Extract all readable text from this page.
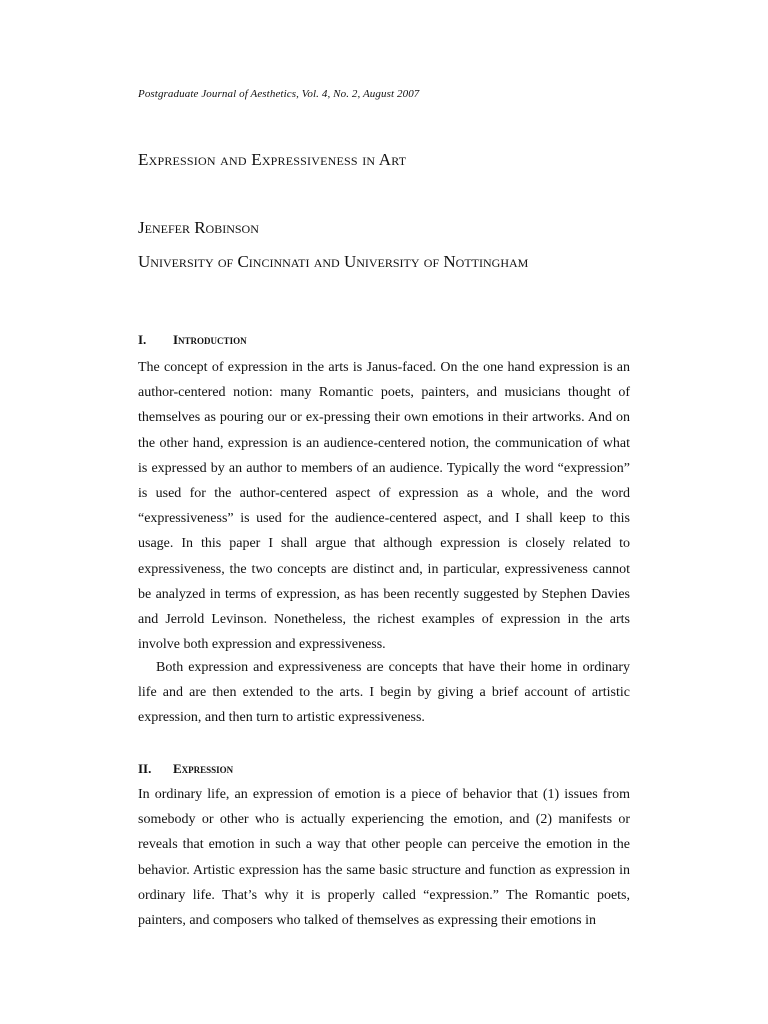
Postgraduate Journal of Aesthetics, Vol. 4, No. 2, August 2007
Expression and Expressiveness in Art
Jenefer Robinson
University of Cincinnati and University of Nottingham
I.	Introduction

The concept of expression in the arts is Janus-faced. On the one hand expression is an author-centered notion: many Romantic poets, painters, and musicians thought of themselves as pouring our or ex-pressing their own emotions in their artworks. And on the other hand, expression is an audience-centered notion, the communication of what is expressed by an author to members of an audience. Typically the word “expression” is used for the author-centered aspect of expression as a whole, and the word “expressiveness” is used for the audience-centered aspect, and I shall keep to this usage. In this paper I shall argue that although expression is closely related to expressiveness, the two concepts are distinct and, in particular, expressiveness cannot be analyzed in terms of expression, as has been recently suggested by Stephen Davies and Jerrold Levinson. Nonetheless, the richest examples of expression in the arts involve both expression and expressiveness.

Both expression and expressiveness are concepts that have their home in ordinary life and are then extended to the arts. I begin by giving a brief account of artistic expression, and then turn to artistic expressiveness.

II.	Expression

In ordinary life, an expression of emotion is a piece of behavior that (1) issues from somebody or other who is actually experiencing the emotion, and (2) manifests or reveals that emotion in such a way that other people can perceive the emotion in the behavior. Artistic expression has the same basic structure and function as expression in ordinary life. That’s why it is properly called “expression.” The Romantic poets, painters, and composers who talked of themselves as expressing their emotions in
